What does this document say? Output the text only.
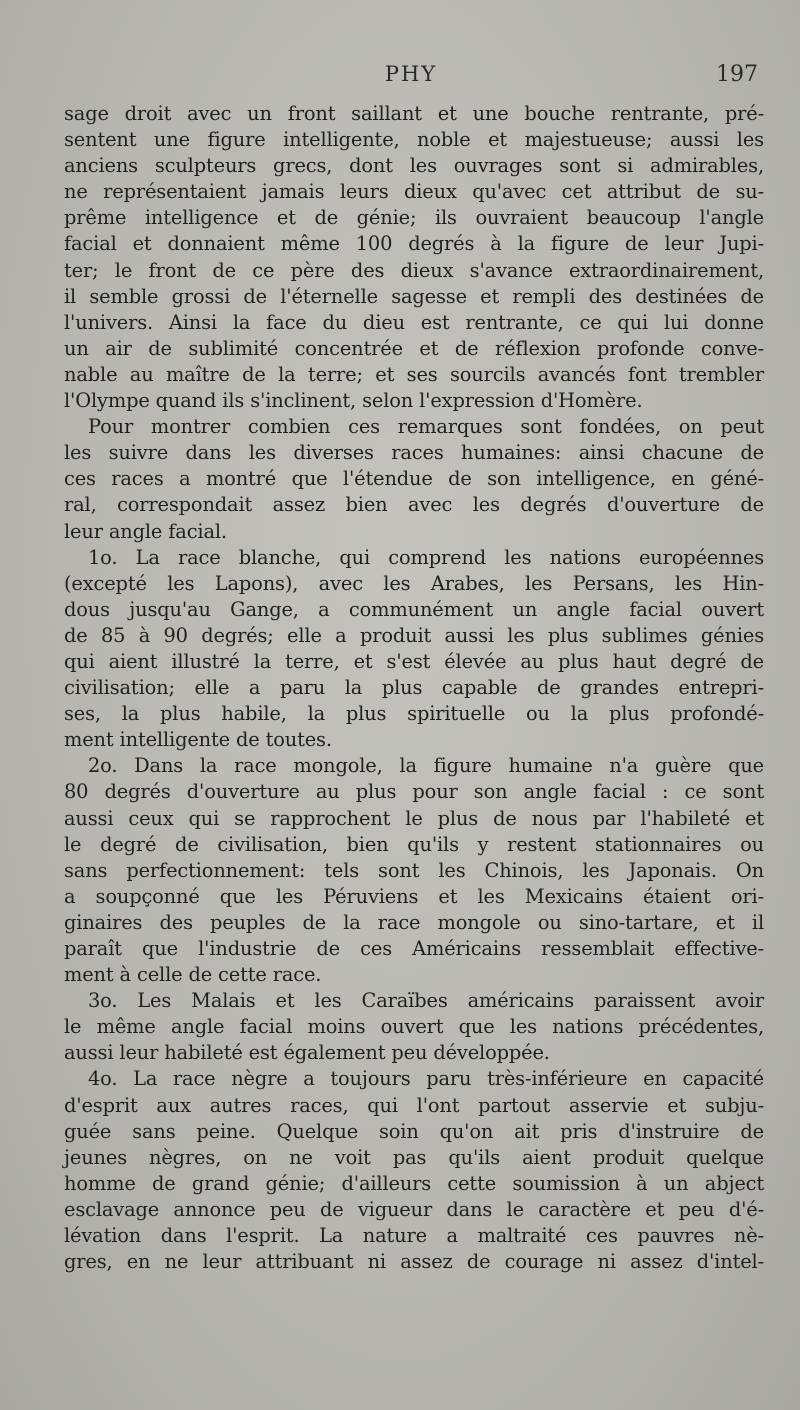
PHY	197
sage droit avec un front saillant et une bouche rentrante, pré-
sentent une figure intelligente, noble et majestueuse; aussi les
anciens sculpteurs grecs, dont les ouvrages sont si admirables,
ne représentaient jamais leurs dieux qu'avec cet attribut de su-
prême intelligence et de génie; ils ouvraient beaucoup l'angle
facial et donnaient même 100 degrés à la figure de leur Jupi-
ter; le front de ce père des dieux s'avance extraordinairement,
il semble grossi de l'éternelle sagesse et rempli des destinées de
l'univers. Ainsi la face du dieu est rentrante, ce qui lui donne
un air de sublimité concentrée et de réflexion profonde conve-
nable au maître de la terre; et ses sourcils avancés font trembler
l'Olympe quand ils s'inclinent, selon l'expression d'Homère.
Pour montrer combien ces remarques sont fondées, on peut
les suivre dans les diverses races humaines: ainsi chacune de
ces races a montré que l'étendue de son intelligence, en géné-
ral, correspondait assez bien avec les degrés d'ouverture de
leur angle facial.
1o. La race blanche, qui comprend les nations européennes
(excepté les Lapons), avec les Arabes, les Persans, les Hin-
dous jusqu'au Gange, a communément un angle facial ouvert
de 85 à 90 degrés; elle a produit aussi les plus sublimes génies
qui aient illustré la terre, et s'est élevée au plus haut degré de
civilisation; elle a paru la plus capable de grandes entrepri-
ses, la plus habile, la plus spirituelle ou la plus profondé-
ment intelligente de toutes.
2o. Dans la race mongole, la figure humaine n'a guère que
80 degrés d'ouverture au plus pour son angle facial : ce sont
aussi ceux qui se rapprochent le plus de nous par l'habileté et
le degré de civilisation, bien qu'ils y restent stationnaires ou
sans perfectionnement: tels sont les Chinois, les Japonais. On
a soupçonné que les Péruviens et les Mexicains étaient ori-
ginaires des peuples de la race mongole ou sino-tartare, et il
paraît que l'industrie de ces Américains ressemblait effective-
ment à celle de cette race.
3o. Les Malais et les Caraïbes américains paraissent avoir
le même angle facial moins ouvert que les nations précédentes,
aussi leur habileté est également peu développée.
4o. La race nègre a toujours paru très-inférieure en capacité
d'esprit aux autres races, qui l'ont partout asservie et subju-
guée sans peine. Quelque soin qu'on ait pris d'instruire de
jeunes nègres, on ne voit pas qu'ils aient produit quelque
homme de grand génie; d'ailleurs cette soumission à un abject
esclavage annonce peu de vigueur dans le caractère et peu d'é-
lévation dans l'esprit. La nature a maltraité ces pauvres nè-
gres, en ne leur attribuant ni assez de courage ni assez d'intel-
